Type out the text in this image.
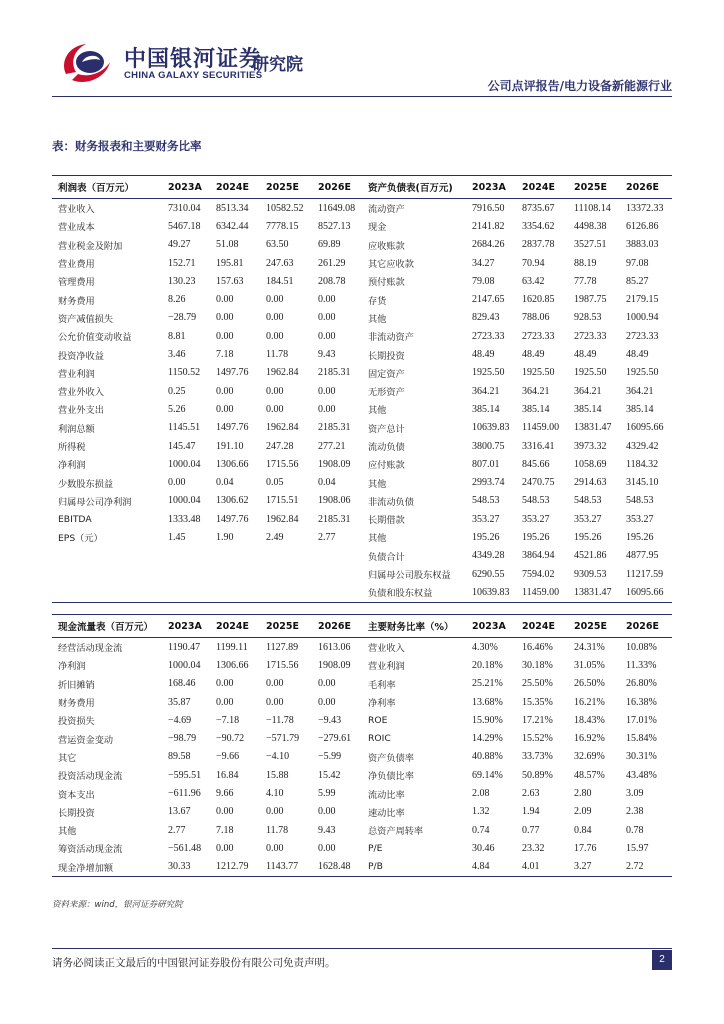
中国银河证券
CHINA GALAXY SECURITIES
研究院
公司点评报告/电力设备新能源行业
表：财务报表和主要财务比率
利润表（百万元）	2023A	2024E	2025E	2026E	资产负债表(百万元)	2023A	2024E	2025E	2026E
营业收入	7310.04	8513.34	10582.52	11649.08	流动资产	7916.50	8735.67	11108.14	13372.33
营业成本	5467.18	6342.44	7778.15	8527.13	现金	2141.82	3354.62	4498.38	6126.86
营业税金及附加	49.27	51.08	63.50	69.89	应收账款	2684.26	2837.78	3527.51	3883.03
营业费用	152.71	195.81	247.63	261.29	其它应收款	34.27	70.94	88.19	97.08
管理费用	130.23	157.63	184.51	208.78	预付账款	79.08	63.42	77.78	85.27
财务费用	8.26	0.00	0.00	0.00	存货	2147.65	1620.85	1987.75	2179.15
资产减值损失	−28.79	0.00	0.00	0.00	其他	829.43	788.06	928.53	1000.94
公允价值变动收益	8.81	0.00	0.00	0.00	非流动资产	2723.33	2723.33	2723.33	2723.33
投资净收益	3.46	7.18	11.78	9.43	长期投资	48.49	48.49	48.49	48.49
营业利润	1150.52	1497.76	1962.84	2185.31	固定资产	1925.50	1925.50	1925.50	1925.50
营业外收入	0.25	0.00	0.00	0.00	无形资产	364.21	364.21	364.21	364.21
营业外支出	5.26	0.00	0.00	0.00	其他	385.14	385.14	385.14	385.14
利润总额	1145.51	1497.76	1962.84	2185.31	资产总计	10639.83	11459.00	13831.47	16095.66
所得税	145.47	191.10	247.28	277.21	流动负债	3800.75	3316.41	3973.32	4329.42
净利润	1000.04	1306.66	1715.56	1908.09	应付账款	807.01	845.66	1058.69	1184.32
少数股东损益	0.00	0.04	0.05	0.04	其他	2993.74	2470.75	2914.63	3145.10
归属母公司净利润	1000.04	1306.62	1715.51	1908.06	非流动负债	548.53	548.53	548.53	548.53
EBITDA	1333.48	1497.76	1962.84	2185.31	长期借款	353.27	353.27	353.27	353.27
EPS（元）	1.45	1.90	2.49	2.77	其他	195.26	195.26	195.26	195.26
					负债合计	4349.28	3864.94	4521.86	4877.95
					归属母公司股东权益	6290.55	7594.02	9309.53	11217.59
					负债和股东权益	10639.83	11459.00	13831.47	16095.66
现金流量表（百万元）	2023A	2024E	2025E	2026E	主要财务比率（%）	2023A	2024E	2025E	2026E
经营活动现金流	1190.47	1199.11	1127.89	1613.06	营业收入	4.30%	16.46%	24.31%	10.08%
净利润	1000.04	1306.66	1715.56	1908.09	营业利润	20.18%	30.18%	31.05%	11.33%
折旧摊销	168.46	0.00	0.00	0.00	毛利率	25.21%	25.50%	26.50%	26.80%
财务费用	35.87	0.00	0.00	0.00	净利率	13.68%	15.35%	16.21%	16.38%
投资损失	−4.69	−7.18	−11.78	−9.43	ROE	15.90%	17.21%	18.43%	17.01%
营运资金变动	−98.79	−90.72	−571.79	−279.61	ROIC	14.29%	15.52%	16.92%	15.84%
其它	89.58	−9.66	−4.10	−5.99	资产负债率	40.88%	33.73%	32.69%	30.31%
投资活动现金流	−595.51	16.84	15.88	15.42	净负债比率	69.14%	50.89%	48.57%	43.48%
资本支出	−611.96	9.66	4.10	5.99	流动比率	2.08	2.63	2.80	3.09
长期投资	13.67	0.00	0.00	0.00	速动比率	1.32	1.94	2.09	2.38
其他	2.77	7.18	11.78	9.43	总资产周转率	0.74	0.77	0.84	0.78
筹资活动现金流	−561.48	0.00	0.00	0.00	P/E	30.46	23.32	17.76	15.97
现金净增加额	30.33	1212.79	1143.77	1628.48	P/B	4.84	4.01	3.27	2.72
资料来源：wind，银河证券研究院
请务必阅读正文最后的中国银河证券股份有限公司免责声明。	2
